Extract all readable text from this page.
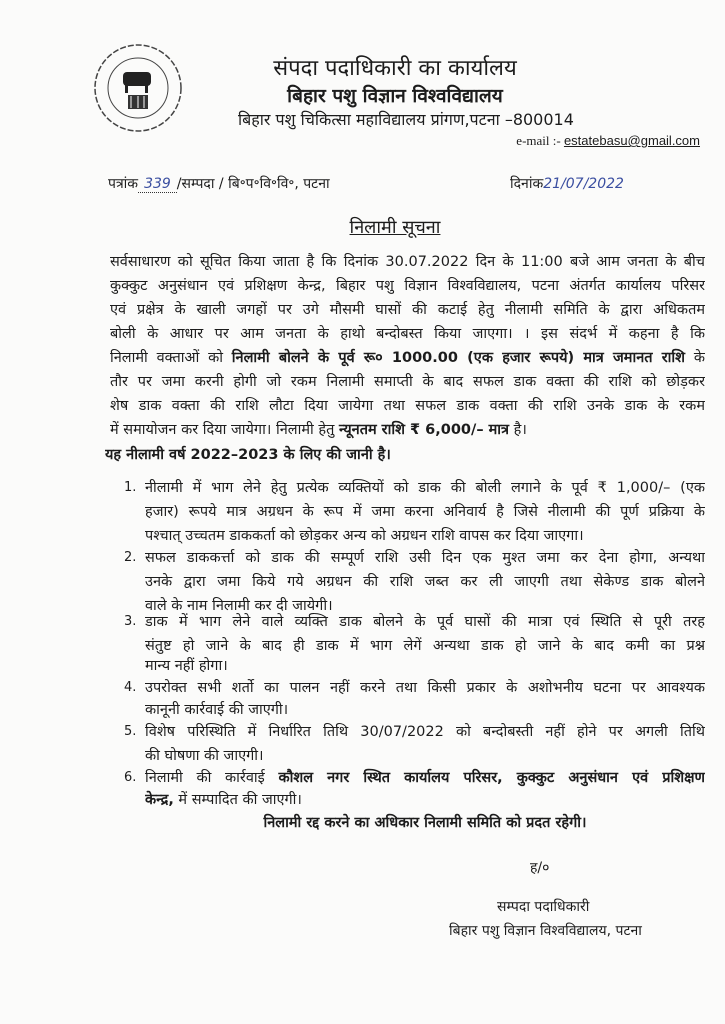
संपदा पदाधिकारी का कार्यालय
बिहार पशु विज्ञान विश्वविद्यालय
बिहार पशु चिकित्सा महाविद्यालय प्रांगण,पटना –800014
e-mail :- estatebasu@gmail.com
पत्रांक 339 /सम्पदा / बि॰प॰वि॰वि॰, पटना	दिनांक21/07/2022
निलामी सूचना
सर्वसाधारण को सूचित किया जाता है कि दिनांक 30.07.2022 दिन के 11:00 बजे आम जनता के बीच
कुक्कुट अनुसंधान एवं प्रशिक्षण केन्द्र, बिहार पशु विज्ञान विश्वविद्यालय, पटना अंतर्गत कार्यालय परिसर
एवं प्रक्षेत्र के खाली जगहों पर उगे मौसमी घासों की कटाई हेतु नीलामी समिति के द्वारा अधिकतम
बोली के आधार पर आम जनता के हाथो बन्दोबस्त किया जाएगा। । इस संदर्भ में कहना है कि
निलामी वक्ताओं को निलामी बोलने के पूर्व रू० 1000.00 (एक हजार रूपये) मात्र जमानत राशि के
तौर पर जमा करनी होगी जो रकम निलामी समाप्ती के बाद सफल डाक वक्ता की राशि को छोड़कर
शेष डाक वक्ता की राशि लौटा दिया जायेगा तथा सफल डाक वक्ता की राशि उनके डाक के रकम
में समायोजन कर दिया जायेगा। निलामी हेतु न्यूनतम राशि ₹ 6,000/– मात्र है।
यह नीलामी वर्ष 2022–2023 के लिए की जानी है।
1. नीलामी में भाग लेने हेतु प्रत्येक व्यक्तियों को डाक की बोली लगाने के पूर्व ₹ 1,000/– (एक
हजार) रूपये मात्र अग्रधन के रूप में जमा करना अनिवार्य है जिसे नीलामी की पूर्ण प्रक्रिया के
पश्चात् उच्चतम डाककर्ता को छोड़कर अन्य को अग्रधन राशि वापस कर दिया जाएगा।
2. सफल डाककर्त्ता को डाक की सम्पूर्ण राशि उसी दिन एक मुश्त जमा कर देना होगा, अन्यथा
उनके द्वारा जमा किये गये अग्रधन की राशि जब्त कर ली जाएगी तथा सेकेण्ड डाक बोलने
वाले के नाम निलामी कर दी जायेगी।
3. डाक में भाग लेने वाले व्यक्ति डाक बोलने के पूर्व घासों की मात्रा एवं स्थिति से पूरी तरह
संतुष्ट हो जाने के बाद ही डाक में भाग लेगें अन्यथा डाक हो जाने के बाद कमी का प्रश्न
मान्य नहीं होगा।
4. उपरोक्त सभी शर्तो का पालन नहीं करने तथा किसी प्रकार के अशोभनीय घटना पर आवश्यक
कानूनी कार्रवाई की जाएगी।
5. विशेष परिस्थिति में निर्धारित तिथि 30/07/2022 को बन्दोबस्ती नहीं होने पर अगली तिथि
की घोषणा की जाएगी।
6. निलामी की कार्रवाई कौशल नगर स्थित कार्यालय परिसर, कुक्कुट अनुसंधान एवं प्रशिक्षण
केन्द्र, में सम्पादित की जाएगी।
निलामी रद्द करने का अधिकार निलामी समिति को प्रदत रहेगी।
ह/०
सम्पदा पदाधिकारी
बिहार पशु विज्ञान विश्वविद्यालय, पटना
